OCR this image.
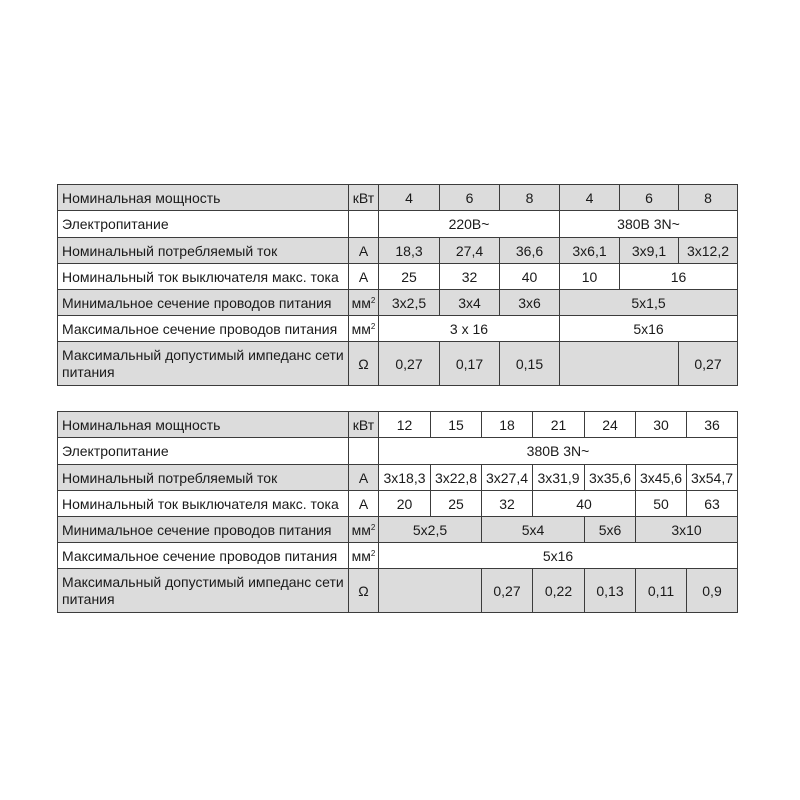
Номинальная мощность	кВт	4	6	8	4	6	8
Электропитание		220В~			380В 3N~		
Номинальный потребляемый ток	А	18,3	27,4	36,6	3х6,1	3х9,1	3х12,2
Номинальный ток выключателя макс. тока	А	25	32	40	10	16	
Минимальное сечение проводов питания	$мм^2$	3х2,5	3х4	3х6	5х1,5		
Максимальное сечение проводов питания	$мм^2$	3 х 16			5х16		
Максимальный допустимый импеданс сети питания	Ω	0,27	0,17	0,15			0,27
Номинальная мощность	кВт	12	15	18	21	24	30	36
Электропитание		380В 3N~						
Номинальный потребляемый ток	А	3х18,3	3х22,8	3х27,4	3х31,9	3х35,6	3х45,6	3х54,7
Номинальный ток выключателя макс. тока	А	20	25	32	40		50	63
Минимальное сечение проводов питания	$мм^2$	5х2,5		5х4		5х6	3х10	
Максимальное сечение проводов питания	$мм^2$	5х16						
Максимальный допустимый импеданс сети питания	Ω			0,27	0,22	0,13	0,11	0,9
